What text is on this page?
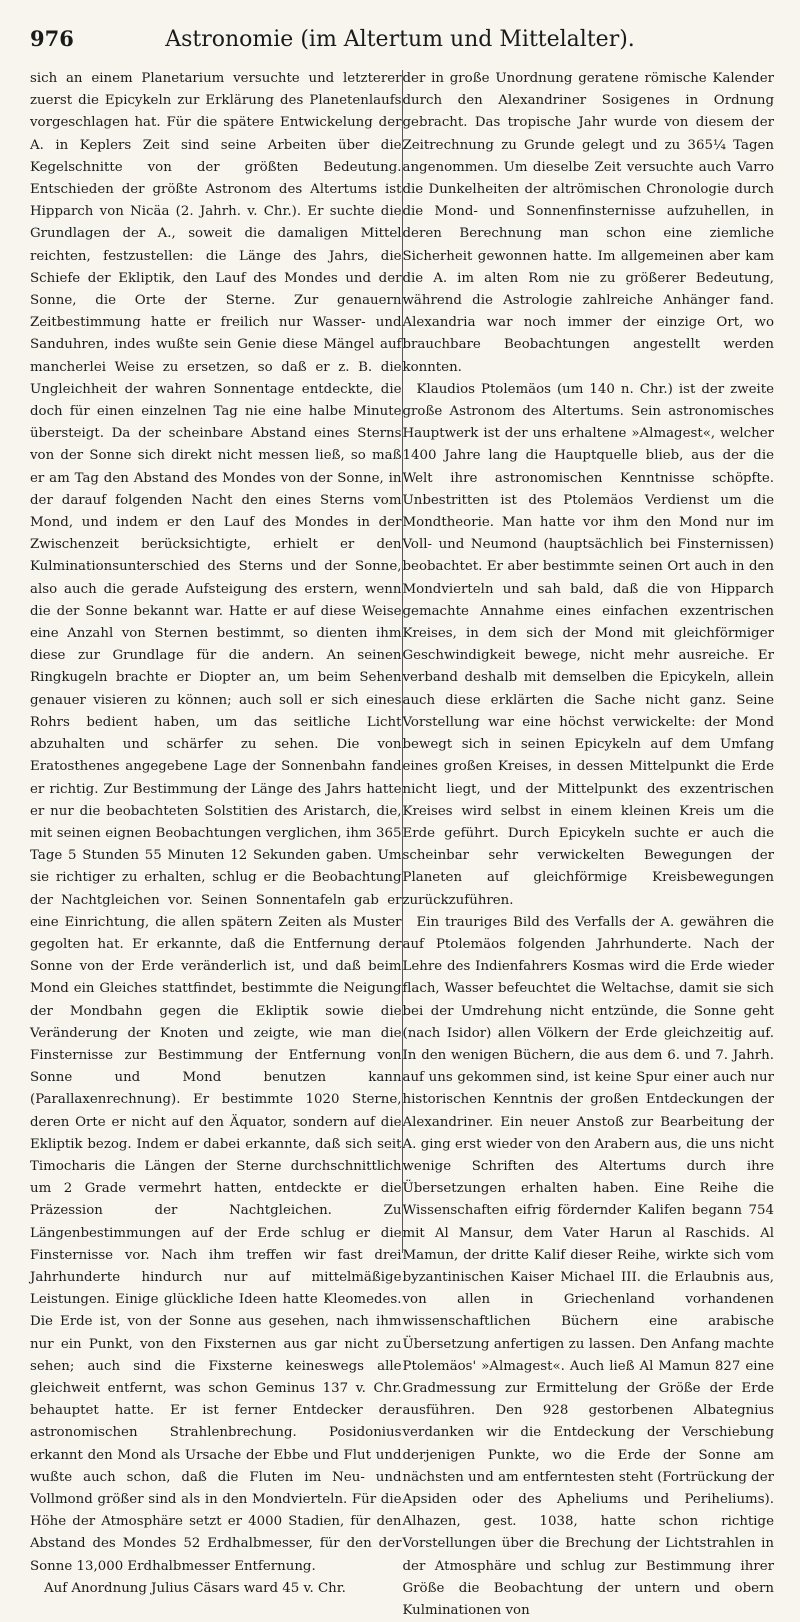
976	Astronomie (im Altertum und Mittelalter).

sich an einem Planetarium versuchte und letzterer zuerst die Epicykeln zur Erklärung des Planetenlaufs vorgeschlagen hat. Für die spätere Entwickelung der A. in Keplers Zeit sind seine Arbeiten über die Kegelschnitte von der größten Bedeutung. Entschieden der größte Astronom des Altertums ist Hipparch von Nicäa (2. Jahrh. v. Chr.). Er suchte die Grundlagen der A., soweit die damaligen Mittel reichten, festzustellen: die Länge des Jahrs, die Schiefe der Ekliptik, den Lauf des Mondes und der Sonne, die Orte der Sterne. Zur genauern Zeitbestimmung hatte er freilich nur Wasser- und Sanduhren, indes wußte sein Genie diese Mängel auf mancherlei Weise zu ersetzen, so daß er z. B. die Ungleichheit der wahren Sonnentage entdeckte, die doch für einen einzelnen Tag nie eine halbe Minute übersteigt. Da der scheinbare Abstand eines Sterns von der Sonne sich direkt nicht messen ließ, so maß er am Tag den Abstand des Mondes von der Sonne, in der darauf folgenden Nacht den eines Sterns vom Mond, und indem er den Lauf des Mondes in der Zwischenzeit berücksichtigte, erhielt er den Kulminationsunterschied des Sterns und der Sonne, also auch die gerade Aufsteigung des erstern, wenn die der Sonne bekannt war. Hatte er auf diese Weise eine Anzahl von Sternen bestimmt, so dienten ihm diese zur Grundlage für die andern. An seinen Ringkugeln brachte er Diopter an, um beim Sehen genauer visieren zu können; auch soll er sich eines Rohrs bedient haben, um das seitliche Licht abzuhalten und schärfer zu sehen. Die von Eratosthenes angegebene Lage der Sonnenbahn fand er richtig. Zur Bestimmung der Länge des Jahrs hatte er nur die beobachteten Solstitien des Aristarch, die, mit seinen eignen Beobachtungen verglichen, ihm 365 Tage 5 Stunden 55 Minuten 12 Sekunden gaben. Um sie richtiger zu erhalten, schlug er die Beobachtung der Nachtgleichen vor. Seinen Sonnentafeln gab er eine Einrichtung, die allen spätern Zeiten als Muster gegolten hat. Er erkannte, daß die Entfernung der Sonne von der Erde veränderlich ist, und daß beim Mond ein Gleiches stattfindet, bestimmte die Neigung der Mondbahn gegen die Ekliptik sowie die Veränderung der Knoten und zeigte, wie man die Finsternisse zur Bestimmung der Entfernung von Sonne und Mond benutzen kann (Parallaxenrechnung). Er bestimmte 1020 Sterne, deren Orte er nicht auf den Äquator, sondern auf die Ekliptik bezog. Indem er dabei erkannte, daß sich seit Timocharis die Längen der Sterne durchschnittlich um 2 Grade vermehrt hatten, entdeckte er die Präzession der Nachtgleichen. Zu Längenbestimmungen auf der Erde schlug er die Finsternisse vor. Nach ihm treffen wir fast drei Jahrhunderte hindurch nur auf mittelmäßige Leistungen. Einige glückliche Ideen hatte Kleomedes. Die Erde ist, von der Sonne aus gesehen, nach ihm nur ein Punkt, von den Fixsternen aus gar nicht zu sehen; auch sind die Fixsterne keineswegs alle gleichweit entfernt, was schon Geminus 137 v. Chr. behauptet hatte. Er ist ferner Entdecker der astronomischen Strahlenbrechung. Posidonius erkannt den Mond als Ursache der Ebbe und Flut und wußte auch schon, daß die Fluten im Neu- und Vollmond größer sind als in den Mondvierteln. Für die Höhe der Atmosphäre setzt er 4000 Stadien, für den Abstand des Mondes 52 Erdhalbmesser, für den der Sonne 13,000 Erdhalbmesser Entfernung.

Auf Anordnung Julius Cäsars ward 45 v. Chr.

der in große Unordnung geratene römische Kalender durch den Alexandriner Sosigenes in Ordnung gebracht. Das tropische Jahr wurde von diesem der Zeitrechnung zu Grunde gelegt und zu 365¼ Tagen angenommen. Um dieselbe Zeit versuchte auch Varro die Dunkelheiten der altrömischen Chronologie durch die Mond- und Sonnenfinsternisse aufzuhellen, in deren Berechnung man schon eine ziemliche Sicherheit gewonnen hatte. Im allgemeinen aber kam die A. im alten Rom nie zu größerer Bedeutung, während die Astrologie zahlreiche Anhänger fand. Alexandria war noch immer der einzige Ort, wo brauchbare Beobachtungen angestellt werden konnten.

Klaudios Ptolemäos (um 140 n. Chr.) ist der zweite große Astronom des Altertums. Sein astronomisches Hauptwerk ist der uns erhaltene »Almagest«, welcher 1400 Jahre lang die Hauptquelle blieb, aus der die Welt ihre astronomischen Kenntnisse schöpfte. Unbestritten ist des Ptolemäos Verdienst um die Mondtheorie. Man hatte vor ihm den Mond nur im Voll- und Neumond (hauptsächlich bei Finsternissen) beobachtet. Er aber bestimmte seinen Ort auch in den Mondvierteln und sah bald, daß die von Hipparch gemachte Annahme eines einfachen exzentrischen Kreises, in dem sich der Mond mit gleichförmiger Geschwindigkeit bewege, nicht mehr ausreiche. Er verband deshalb mit demselben die Epicykeln, allein auch diese erklärten die Sache nicht ganz. Seine Vorstellung war eine höchst verwickelte: der Mond bewegt sich in seinen Epicykeln auf dem Umfang eines großen Kreises, in dessen Mittelpunkt die Erde nicht liegt, und der Mittelpunkt des exzentrischen Kreises wird selbst in einem kleinen Kreis um die Erde geführt. Durch Epicykeln suchte er auch die scheinbar sehr verwickelten Bewegungen der Planeten auf gleichförmige Kreisbewegungen zurückzuführen.

Ein trauriges Bild des Verfalls der A. gewähren die auf Ptolemäos folgenden Jahrhunderte. Nach der Lehre des Indienfahrers Kosmas wird die Erde wieder flach, Wasser befeuchtet die Weltachse, damit sie sich bei der Umdrehung nicht entzünde, die Sonne geht (nach Isidor) allen Völkern der Erde gleichzeitig auf. In den wenigen Büchern, die aus dem 6. und 7. Jahrh. auf uns gekommen sind, ist keine Spur einer auch nur historischen Kenntnis der großen Entdeckungen der Alexandriner. Ein neuer Anstoß zur Bearbeitung der A. ging erst wieder von den Arabern aus, die uns nicht wenige Schriften des Altertums durch ihre Übersetzungen erhalten haben. Eine Reihe die Wissenschaften eifrig fördernder Kalifen begann 754 mit Al Mansur, dem Vater Harun al Raschids. Al Mamun, der dritte Kalif dieser Reihe, wirkte sich vom byzantinischen Kaiser Michael III. die Erlaubnis aus, von allen in Griechenland vorhandenen wissenschaftlichen Büchern eine arabische Übersetzung anfertigen zu lassen. Den Anfang machte Ptolemäos' »Almagest«. Auch ließ Al Mamun 827 eine Gradmessung zur Ermittelung der Größe der Erde ausführen. Den 928 gestorbenen Albategnius verdanken wir die Entdeckung der Verschiebung derjenigen Punkte, wo die Erde der Sonne am nächsten und am entferntesten steht (Fortrückung der Apsiden oder des Apheliums und Periheliums). Alhazen, gest. 1038, hatte schon richtige Vorstellungen über die Brechung der Lichtstrahlen in der Atmosphäre und schlug zur Bestimmung ihrer Größe die Beobachtung der untern und obern Kulminationen von
